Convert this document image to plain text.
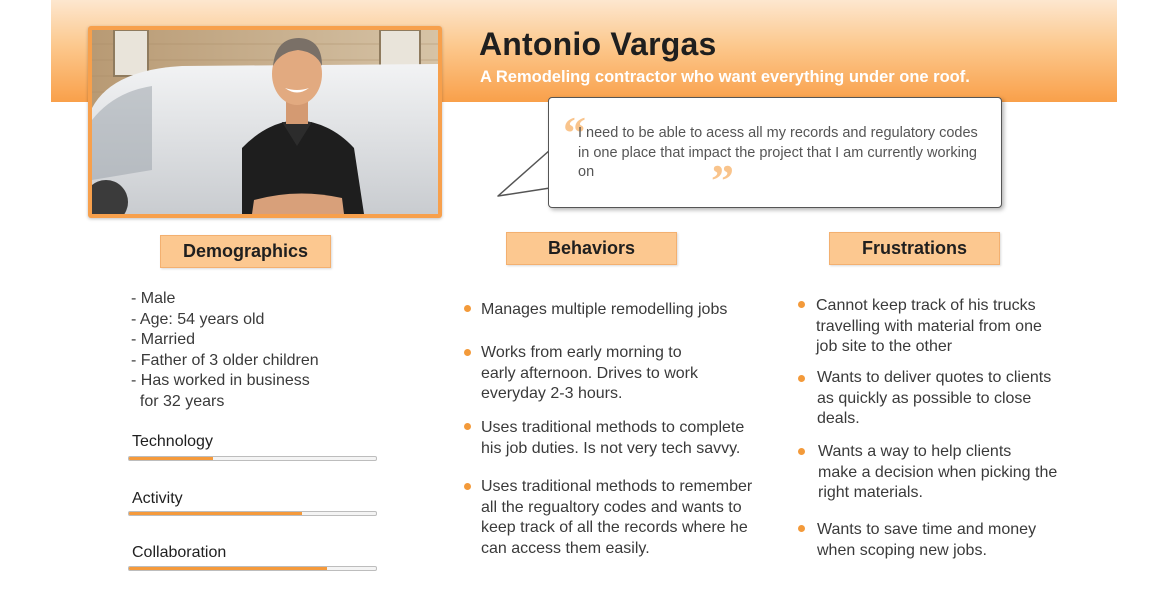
Antonio Vargas
A Remodeling contractor who want everything under one roof.
“
I need to be able to acess all my records and regulatory codes in one place that impact the project that I am currently working on	”
Demographics	Behaviors	Frustrations
- Male
- Age: 54 years old
- Married
- Father of 3 older children
- Has worked in business
for 32 years
Technology
Activity
Collaboration
Manages multiple remodelling jobs
Works from early morning to
early afternoon. Drives to work
everyday 2-3 hours.
Uses traditional methods to complete
his job duties. Is not very tech savvy.
Uses traditional methods to remember
all the regualtory codes and wants to
keep track of all the records where he
can access them easily.
Cannot keep track of his trucks
travelling with material from one
job site to the other
Wants to deliver quotes to clients
as quickly as possible to close
deals.
Wants a way to help clients
make a decision when picking the
right materials.
Wants to save time and money
when scoping new jobs.
